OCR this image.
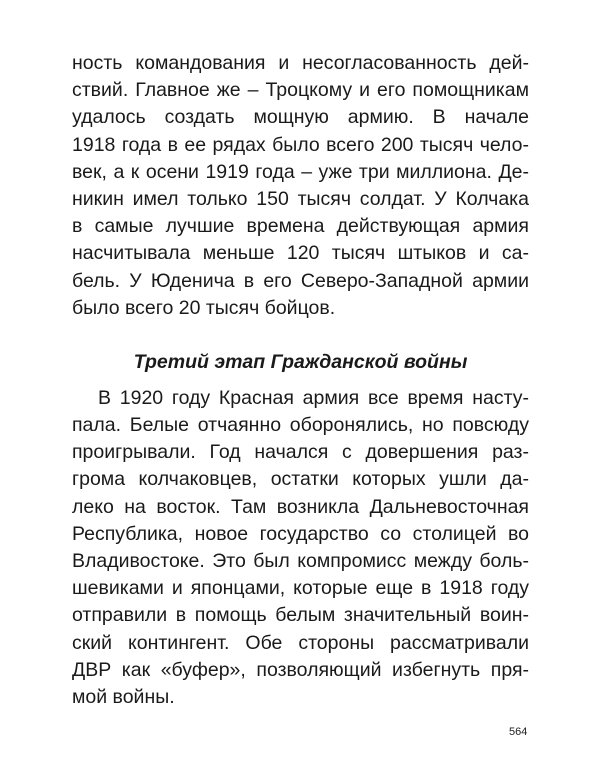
ность командования и несогласованность дей-
ствий. Главное же – Троцкому и его помощникам
удалось создать мощную армию. В начале
1918 года в ее рядах было всего 200 тысяч чело-
век, а к осени 1919 года – уже три миллиона. Де-
никин имел только 150 тысяч солдат. У Колчака
в самые лучшие времена действующая армия
насчитывала меньше 120 тысяч штыков и са-
бель. У Юденича в его Северо-Западной армии
было всего 20 тысяч бойцов.
Третий этап Гражданской войны
В 1920 году Красная армия все время насту-
пала. Белые отчаянно оборонялись, но повсюду
проигрывали. Год начался с довершения раз-
грома колчаковцев, остатки которых ушли да-
леко на восток. Там возникла Дальневосточная
Республика, новое государство со столицей во
Владивостоке. Это был компромисс между боль-
шевиками и японцами, которые еще в 1918 году
отправили в помощь белым значительный воин-
ский контингент. Обе стороны рассматривали
ДВР как «буфер», позволяющий избегнуть пря-
мой войны.
564
